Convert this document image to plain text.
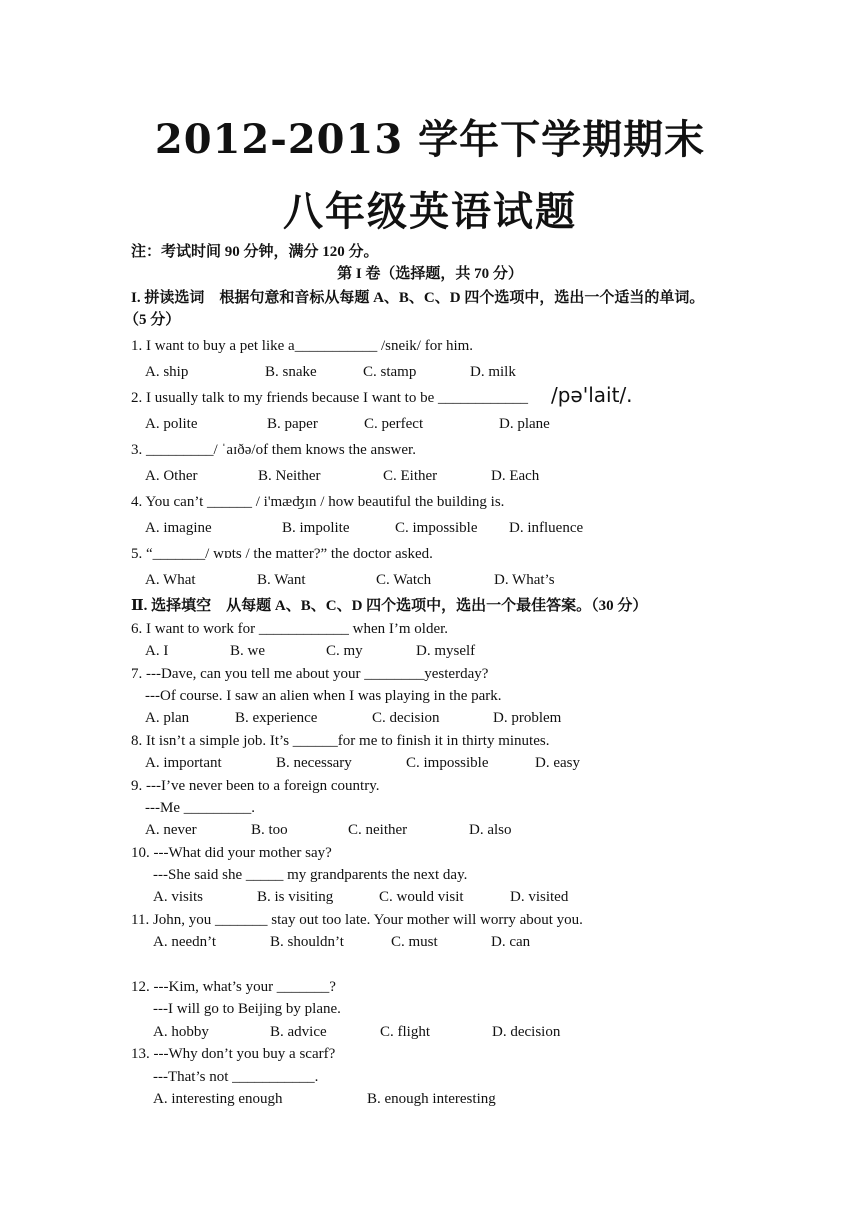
2012-2013 学年下学期期末
八年级英语试题
注：考试时间 90 分钟，满分 120 分。
第 I 卷（选择题，共 70 分）
I. 拼读选词　根据句意和音标从每题 A、B、C、D 四个选项中，选出一个适当的单词。
（5 分）
1. I want to buy a pet like a___________ /sneik/ for him.
A. ship	B. snake	C. stamp	D. milk
2. I usually talk to my friends because I want to be ____________ /pə'lait/.
A. polite	B. paper	C. perfect	D. plane
3. _________/ ˈaɪðə/of them knows the answer.
A. Other	B. Neither	C. Either	D. Each
4. You can’t ______ / i'mæʤɪn / how beautiful the building is.
A. imagine	B. impolite	C. impossible D. influence
5. “_______/ wɒts / the matter?” the doctor asked.
A. What	B. Want	C. Watch	D. What’s
Ⅱ. 选择填空　从每题 A、B、C、D 四个选项中，选出一个最佳答案。（30 分）
6. I want to work for ____________ when I’m older.
A. I	B. we	C. my	D. myself
7. ---Dave, can you tell me about your ________yesterday?
---Of course. I saw an alien when I was playing in the park.
A. plan	B. experience	C. decision	D. problem
8. It isn’t a simple job. It’s ______for me to finish it in thirty minutes.
A. important	B. necessary	C. impossible	D. easy
9. ---I’ve never been to a foreign country.
---Me _________.
A. never	B. too	C. neither	D. also
10. ---What did your mother say?
---She said she _____ my grandparents the next day.
A. visits	B. is visiting	C. would visit	D. visited
11. John, you _______ stay out too late. Your mother will worry about you.
A. needn’t	B. shouldn’t	C. must	D. can
12. ---Kim, what’s your _______?
---I will go to Beijing by plane.
A. hobby	B. advice	C. flight	D. decision
13. ---Why don’t you buy a scarf?
---That’s not ___________.
A. interesting enough	B. enough interesting
